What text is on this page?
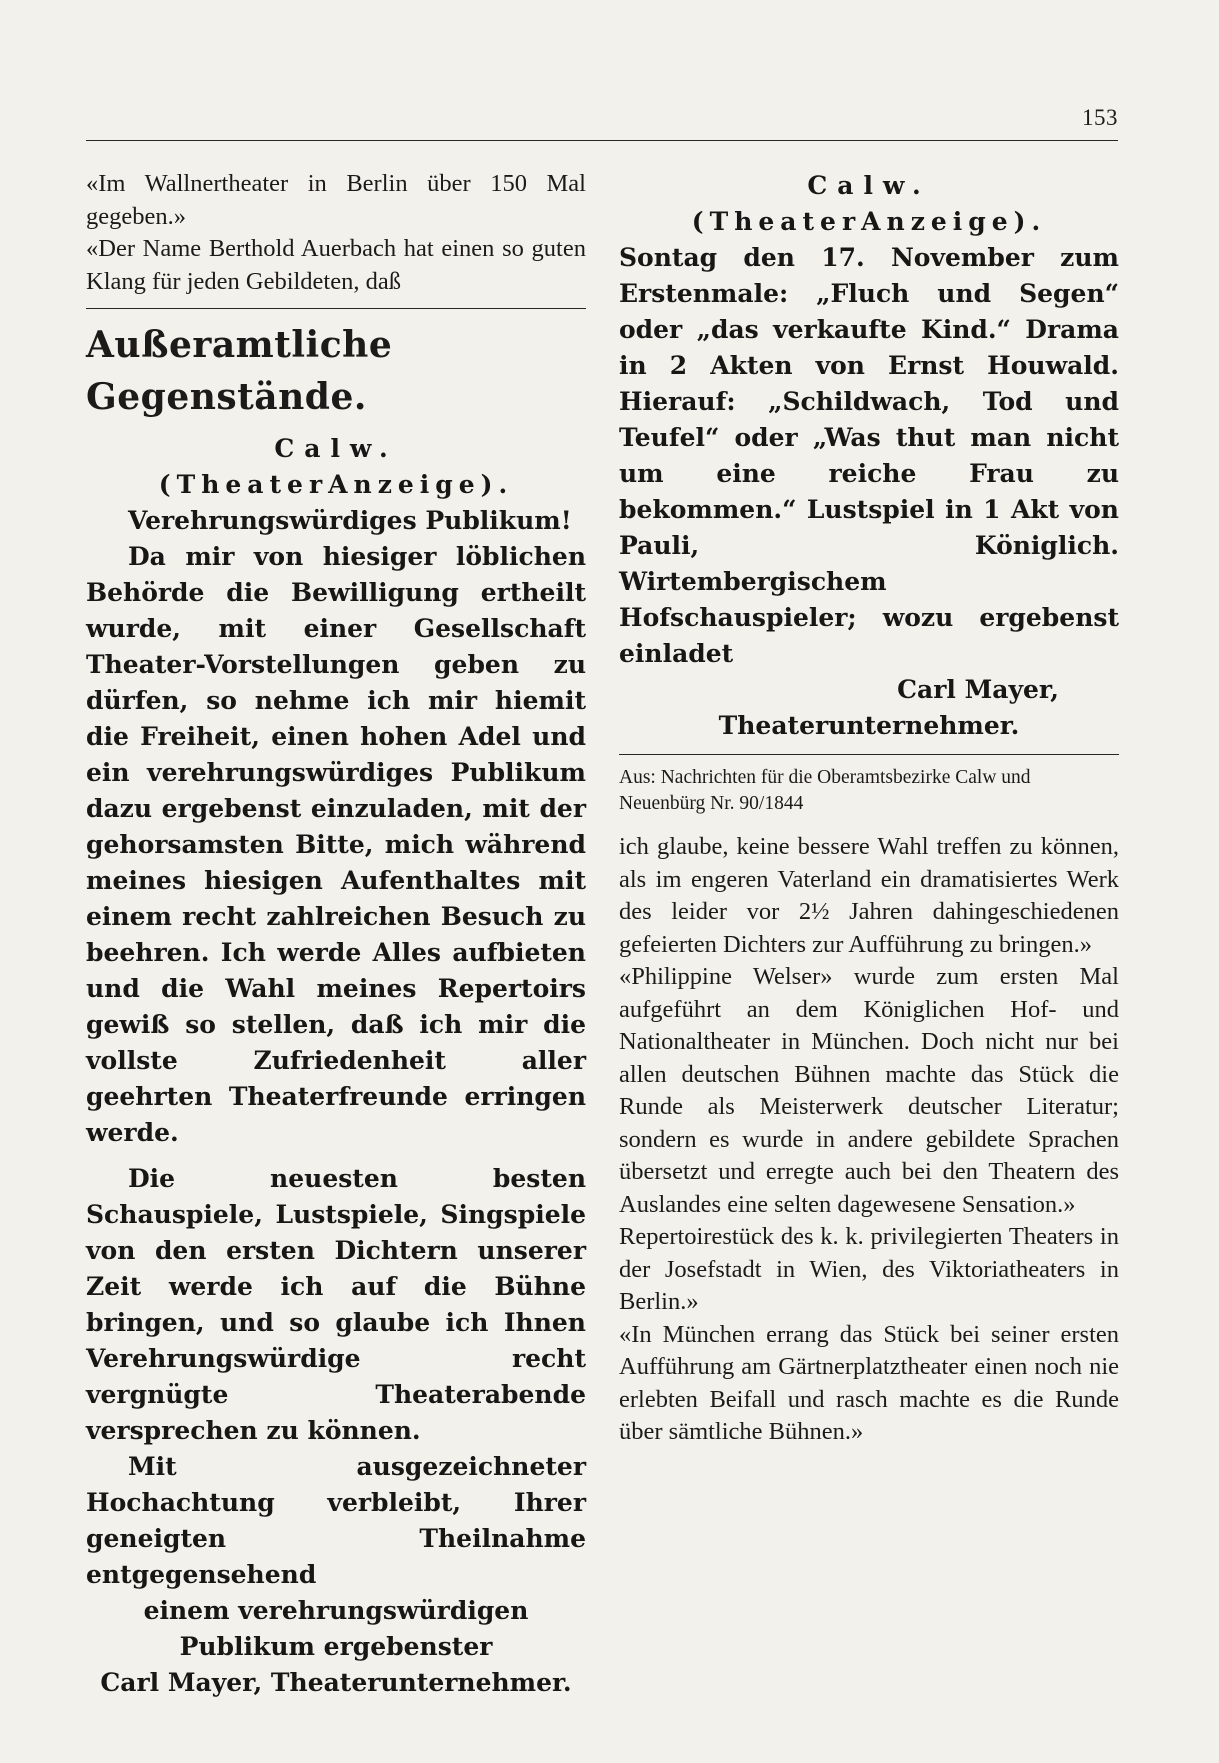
153

«Im Wallnertheater in Berlin über 150 Mal gegeben.»

«Der Name Berthold Auerbach hat einen so guten Klang für jeden Gebildeten, daß

Außeramtliche Gegenstände.
Calw.
(TheaterAnzeige).
Verehrungswürdiges Publikum!
Da mir von hiesiger löblichen Behörde die Bewilligung ertheilt wurde, mit einer Gesellschaft Theater-Vorstellungen geben zu dürfen, so nehme ich mir hiemit die Freiheit, einen hohen Adel und ein verehrungswürdiges Publikum dazu ergebenst einzuladen, mit der gehorsamsten Bitte, mich während meines hiesigen Aufenthaltes mit einem recht zahlreichen Besuch zu beehren. Ich werde Alles aufbieten und die Wahl meines Repertoirs gewiß so stellen, daß ich mir die vollste Zufriedenheit aller geehrten Theaterfreunde erringen werde.
Die neuesten besten Schauspiele, Lustspiele, Singspiele von den ersten Dichtern unserer Zeit werde ich auf die Bühne bringen, und so glaube ich Ihnen Verehrungswürdige recht vergnügte Theaterabende versprechen zu können.
Mit ausgezeichneter Hochachtung verbleibt, Ihrer geneigten Theilnahme entgegensehend
einem verehrungswürdigen Publikum ergebenster
Carl Mayer, Theaterunternehmer.
Calw.
(TheaterAnzeige).
Sontag den 17. November zum Erstenmale: „Fluch und Segen“ oder „das verkaufte Kind.“ Drama in 2 Akten von Ernst Houwald. Hierauf: „Schildwach, Tod und Teufel“ oder „Was thut man nicht um eine reiche Frau zu bekommen.“ Lustspiel in 1 Akt von Pauli, Königlich. Wirtembergischem Hofschauspieler; wozu ergebenst einladet
Carl Mayer,
Theaterunternehmer.

Aus: Nachrichten für die Oberamtsbezirke Calw und Neuenbürg Nr. 90/1844

ich glaube, keine bessere Wahl treffen zu können, als im engeren Vaterland ein dramatisiertes Werk des leider vor 2½ Jahren dahingeschiedenen gefeierten Dichters zur Aufführung zu bringen.»

«Philippine Welser» wurde zum ersten Mal aufgeführt an dem Königlichen Hof- und Nationaltheater in München. Doch nicht nur bei allen deutschen Bühnen machte das Stück die Runde als Meisterwerk deutscher Literatur; sondern es wurde in andere gebildete Sprachen übersetzt und erregte auch bei den Theatern des Auslandes eine selten dagewesene Sensation.»

Repertoirestück des k. k. privilegierten Theaters in der Josefstadt in Wien, des Viktoriatheaters in Berlin.»

«In München errang das Stück bei seiner ersten Aufführung am Gärtnerplatztheater einen noch nie erlebten Beifall und rasch machte es die Runde über sämtliche Bühnen.»
